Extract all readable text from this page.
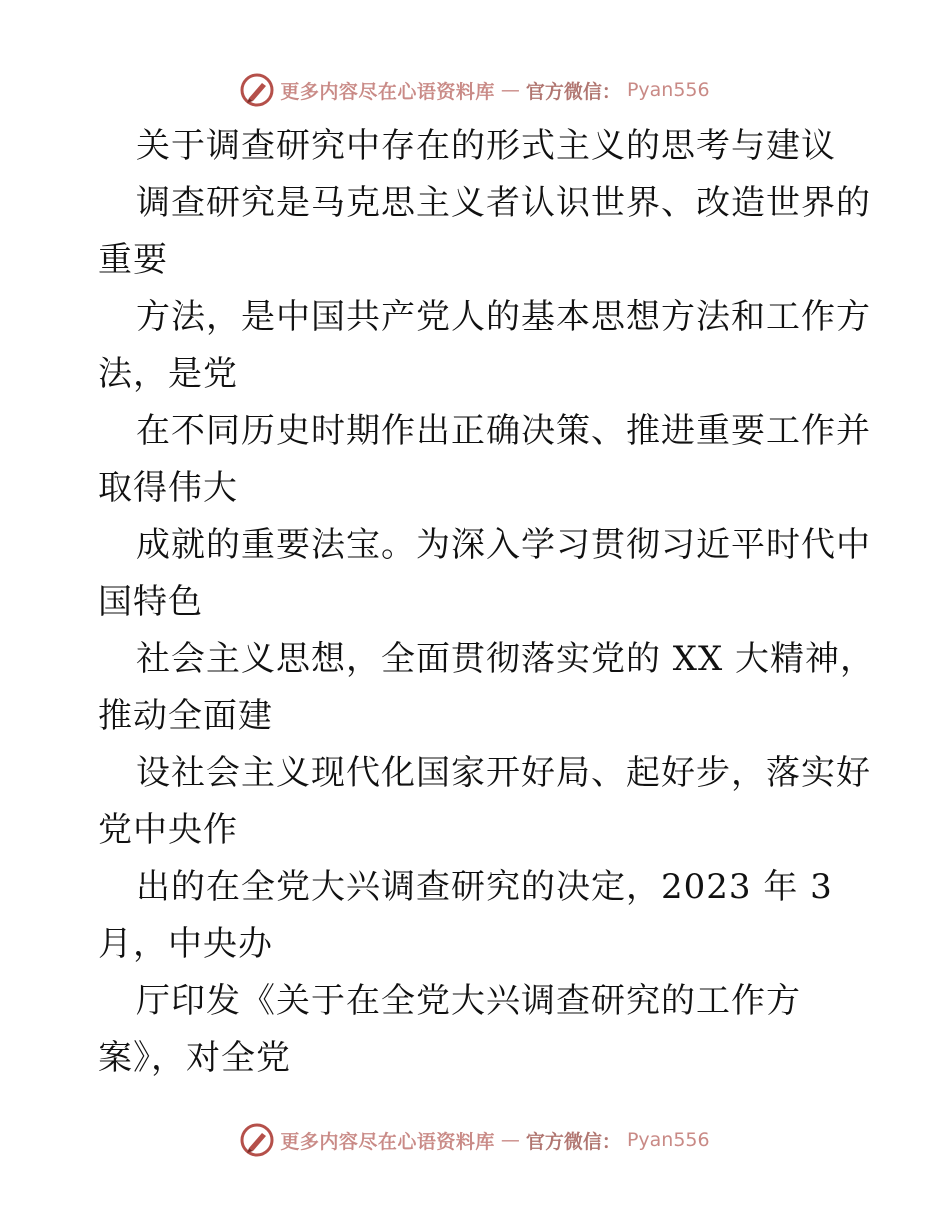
更多内容尽在心语资料库 — 官方微信： Pyan556
关于调查研究中存在的形式主义的思考与建议
调查研究是马克思主义者认识世界、改造世界的
重要
方法，是中国共产党人的基本思想方法和工作方
法，是党
在不同历史时期作出正确决策、推进重要工作并
取得伟大
成就的重要法宝。为深入学习贯彻习近平时代中
国特色
社会主义思想，全面贯彻落实党的 XX 大精神，
推动全面建
设社会主义现代化国家开好局、起好步，落实好
党中央作
出的在全党大兴调查研究的决定，2023 年 3
月，中央办
厅印发《关于在全党大兴调查研究的工作方
案》，对全党
更多内容尽在心语资料库 — 官方微信： Pyan556
